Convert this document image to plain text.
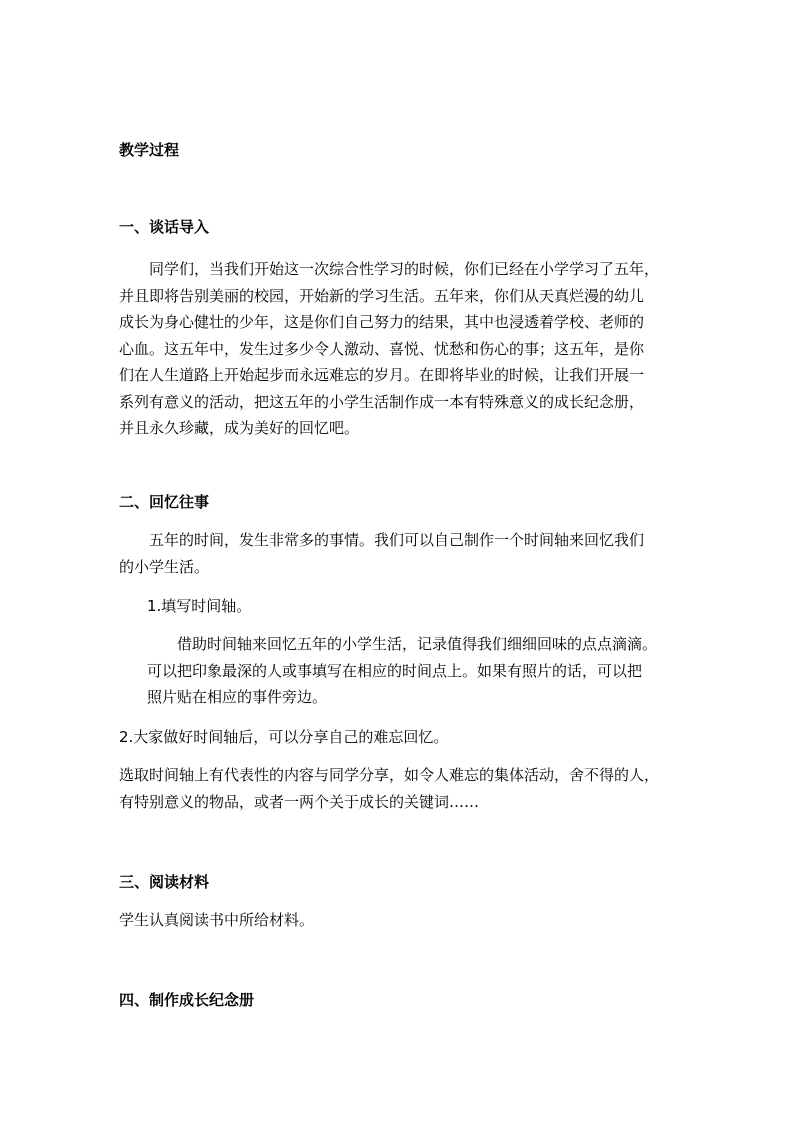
教学过程
一、谈话导入
　　同学们，当我们开始这一次综合性学习的时候，你们已经在小学学习了五年，
并且即将告别美丽的校园，开始新的学习生活。五年来，你们从天真烂漫的幼儿
成长为身心健壮的少年，这是你们自己努力的结果，其中也浸透着学校、老师的
心血。这五年中，发生过多少令人激动、喜悦、忧愁和伤心的事；这五年，是你
们在人生道路上开始起步而永远难忘的岁月。在即将毕业的时候，让我们开展一
系列有意义的活动，把这五年的小学生活制作成一本有特殊意义的成长纪念册，
并且永久珍藏，成为美好的回忆吧。
二、回忆往事
　　五年的时间，发生非常多的事情。我们可以自己制作一个时间轴来回忆我们
的小学生活。
1.填写时间轴。
　　借助时间轴来回忆五年的小学生活，记录值得我们细细回味的点点滴滴。
可以把印象最深的人或事填写在相应的时间点上。如果有照片的话，可以把
照片贴在相应的事件旁边。
2.大家做好时间轴后，可以分享自己的难忘回忆。
选取时间轴上有代表性的内容与同学分享，如令人难忘的集体活动，舍不得的人，
有特别意义的物品，或者一两个关于成长的关键词……
三、阅读材料
学生认真阅读书中所给材料。
四、制作成长纪念册
